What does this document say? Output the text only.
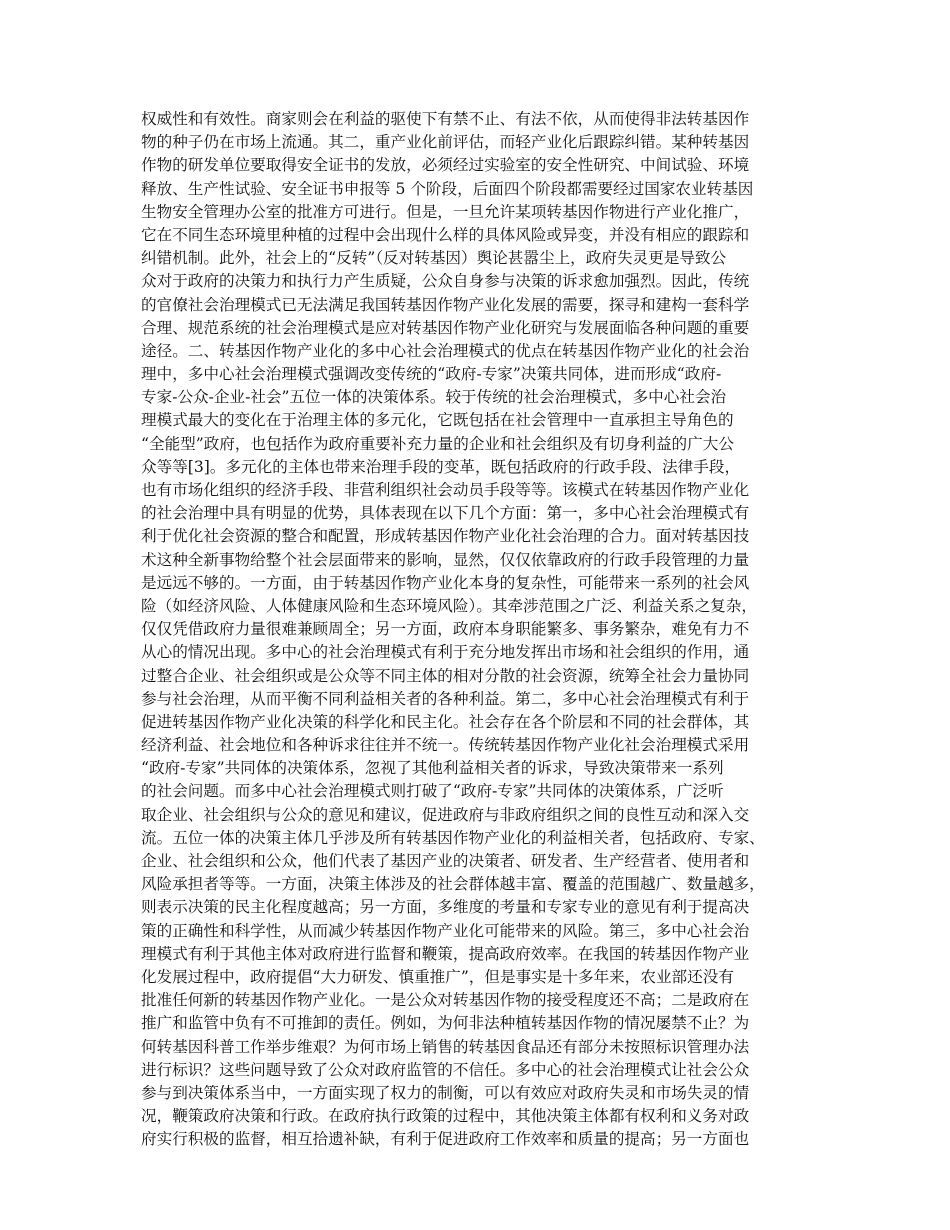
权威性和有效性。商家则会在利益的驱使下有禁不止、有法不依，从而使得非法转基因作
物的种子仍在市场上流通。其二，重产业化前评估，而轻产业化后跟踪纠错。某种转基因
作物的研发单位要取得安全证书的发放，必须经过实验室的安全性研究、中间试验、环境
释放、生产性试验、安全证书申报等 5 个阶段，后面四个阶段都需要经过国家农业转基因
生物安全管理办公室的批准方可进行。但是，一旦允许某项转基因作物进行产业化推广，
它在不同生态环境里种植的过程中会出现什么样的具体风险或异变，并没有相应的跟踪和
纠错机制。此外，社会上的“反转”（反对转基因）舆论甚嚣尘上，政府失灵更是导致公
众对于政府的决策力和执行力产生质疑，公众自身参与决策的诉求愈加强烈。因此，传统
的官僚社会治理模式已无法满足我国转基因作物产业化发展的需要，探寻和建构一套科学
合理、规范系统的社会治理模式是应对转基因作物产业化研究与发展面临各种问题的重要
途径。二、转基因作物产业化的多中心社会治理模式的优点在转基因作物产业化的社会治
理中，多中心社会治理模式强调改变传统的“政府-专家”决策共同体，进而形成“政府-
专家-公众-企业-社会”五位一体的决策体系。较于传统的社会治理模式，多中心社会治
理模式最大的变化在于治理主体的多元化，它既包括在社会管理中一直承担主导角色的
“全能型”政府，也包括作为政府重要补充力量的企业和社会组织及有切身利益的广大公
众等等[3]。多元化的主体也带来治理手段的变革，既包括政府的行政手段、法律手段，
也有市场化组织的经济手段、非营利组织社会动员手段等等。该模式在转基因作物产业化
的社会治理中具有明显的优势，具体表现在以下几个方面：第一，多中心社会治理模式有
利于优化社会资源的整合和配置，形成转基因作物产业化社会治理的合力。面对转基因技
术这种全新事物给整个社会层面带来的影响，显然，仅仅依靠政府的行政手段管理的力量
是远远不够的。一方面，由于转基因作物产业化本身的复杂性，可能带来一系列的社会风
险（如经济风险、人体健康风险和生态环境风险）。其牵涉范围之广泛、利益关系之复杂，
仅仅凭借政府力量很难兼顾周全；另一方面，政府本身职能繁多、事务繁杂，难免有力不
从心的情况出现。多中心的社会治理模式有利于充分地发挥出市场和社会组织的作用，通
过整合企业、社会组织或是公众等不同主体的相对分散的社会资源，统筹全社会力量协同
参与社会治理，从而平衡不同利益相关者的各种利益。第二，多中心社会治理模式有利于
促进转基因作物产业化决策的科学化和民主化。社会存在各个阶层和不同的社会群体，其
经济利益、社会地位和各种诉求往往并不统一。传统转基因作物产业化社会治理模式采用
“政府-专家”共同体的决策体系，忽视了其他利益相关者的诉求，导致决策带来一系列
的社会问题。而多中心社会治理模式则打破了“政府-专家”共同体的决策体系，广泛听
取企业、社会组织与公众的意见和建议，促进政府与非政府组织之间的良性互动和深入交
流。五位一体的决策主体几乎涉及所有转基因作物产业化的利益相关者，包括政府、专家、
企业、社会组织和公众，他们代表了基因产业的决策者、研发者、生产经营者、使用者和
风险承担者等等。一方面，决策主体涉及的社会群体越丰富、覆盖的范围越广、数量越多，
则表示决策的民主化程度越高；另一方面，多维度的考量和专家专业的意见有利于提高决
策的正确性和科学性，从而减少转基因作物产业化可能带来的风险。第三，多中心社会治
理模式有利于其他主体对政府进行监督和鞭策，提高政府效率。在我国的转基因作物产业
化发展过程中，政府提倡“大力研发、慎重推广”，但是事实是十多年来，农业部还没有
批准任何新的转基因作物产业化。一是公众对转基因作物的接受程度还不高；二是政府在
推广和监管中负有不可推卸的责任。例如，为何非法种植转基因作物的情况屡禁不止？为
何转基因科普工作举步维艰？为何市场上销售的转基因食品还有部分未按照标识管理办法
进行标识？这些问题导致了公众对政府监管的不信任。多中心的社会治理模式让社会公众
参与到决策体系当中，一方面实现了权力的制衡，可以有效应对政府失灵和市场失灵的情
况，鞭策政府决策和行政。在政府执行政策的过程中，其他决策主体都有权利和义务对政
府实行积极的监督，相互拾遗补缺，有利于促进政府工作效率和质量的提高；另一方面也
